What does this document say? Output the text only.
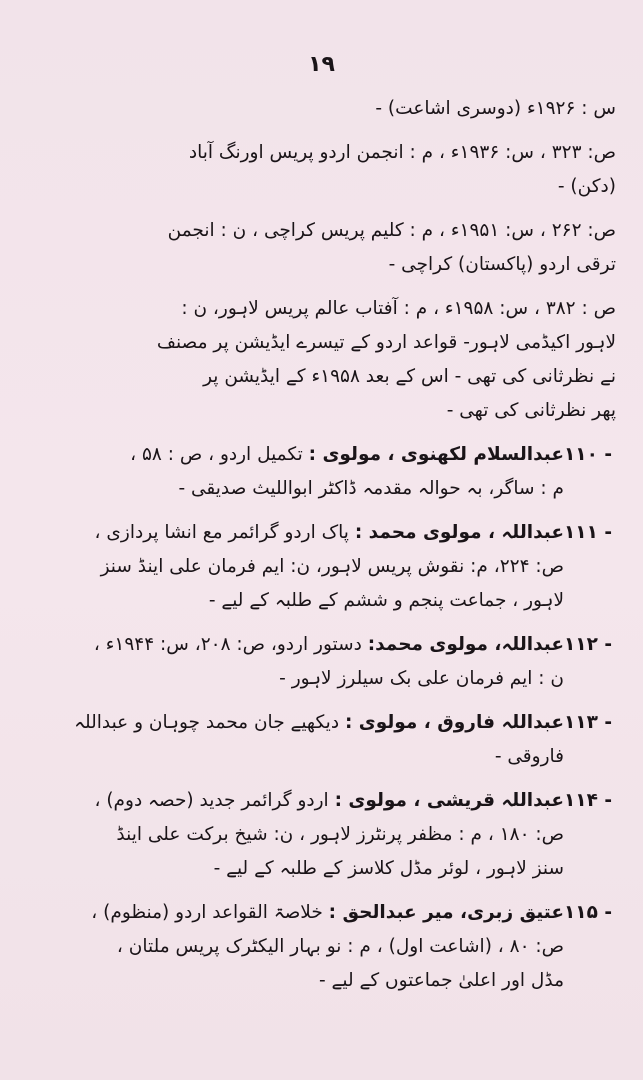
۱۹
س : ۱۹۲۶ء (دوسری اشاعت) -
ص: ۳۲۳ ، س: ۱۹۳۶ء ، م : انجمن اردو پریس اورنگ آباد
(دکن) -
ص: ۲۶۲ ، س: ۱۹۵۱ء ، م : کلیم پریس کراچی ، ن : انجمن
ترقی اردو (پاکستان) کراچی -
ص : ۳۸۲ ، س: ۱۹۵۸ء ، م : آفتاب عالم پریس لاہور، ن :
لاہور اکیڈمی لاہور- قواعد اردو کے تیسرے ایڈیشن پر مصنف
نے نظرثانی کی تھی - اس کے بعد ۱۹۵۸ء کے ایڈیشن پر
پھر نظرثانی کی تھی -
۱۱۰ -
عبدالسلام لکھنوی ، مولوی : تکمیل اردو ، ص : ۵۸ ،
م : ساگر، بہ حوالہ مقدمہ ڈاکٹر ابواللیث صدیقی -
۱۱۱ -
عبداللہ ، مولوی محمد : پاک اردو گرائمر مع انشا پردازی ،
ص: ۲۲۴، م: نقوش پریس لاہور، ن: ایم فرمان علی اینڈ سنز
لاہور ، جماعت پنجم و ششم کے طلبہ کے لیے -
۱۱۲ -
عبداللہ، مولوی محمد: دستور اردو، ص: ۲۰۸، س: ۱۹۴۴ء ،
ن : ایم فرمان علی بک سیلرز لاہور -
۱۱۳ -
عبداللہ فاروق ، مولوی : دیکھیے جان محمد چوہان و عبداللہ
فاروقی -
۱۱۴ -
عبداللہ قریشی ، مولوی : اردو گرائمر جدید (حصہ دوم) ،
ص: ۱۸۰ ، م : مظفر پرنٹرز لاہور ، ن: شیخ برکت علی اینڈ
سنز لاہور ، لوئر مڈل کلاسز کے طلبہ کے لیے -
۱۱۵ -
عتیق زبری، میر عبدالحق : خلاصۃ القواعد اردو (منظوم) ،
ص: ۸۰ ، (اشاعت اول) ، م : نو بہار الیکٹرک پریس ملتان ،
مڈل اور اعلیٰ جماعتوں کے لیے -
